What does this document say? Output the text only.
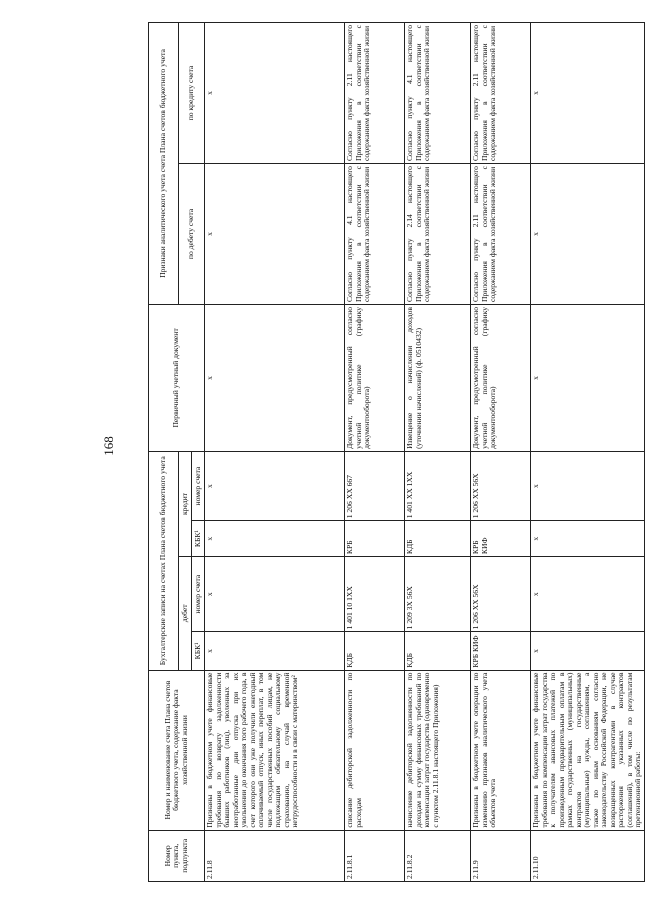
168
Номер пункта, подпункта	Номер и наименование счета Плана счетов бюджетного учета, содержание факта хозяйственной жизни	Бухгалтерские записи на счетах Плана счетов бюджетного учета				Первичный учетный документ	Признаки аналитического учета счета Плана счетов бюджетного учета	
		дебет		кредит			по дебету счета	по кредиту счета
		КБК¹	номер счета	КБК¹	номер счета			
2.11.8	Признаны в бюджетном учете финансовые требования по возврату задолженности бывших работников (лиц), уволенных за неотработанные дни отпуска при их увольнении до окончания того рабочего года, в счет которого они уже получили ежегодный оплачиваемый отпуск, иных переплат, в том числе государственных пособий лицам, не подлежащим обязательному социальному страхованию, на случай временной нетрудоспособности и в связи с материнством²	x	x	x	x	x	x	x
2.11.8.1	списание дебиторской задолженности по расходам	КДБ	1 401 10 1XX	КРБ	1 206 XX 667	Документ, предусмотренный согласно учетной политике (графику документооборота)	Согласно пункту 4.1 настоящего Приложения в соответствии с содержанием факта хозяйственной жизни	Согласно пункту 2.11 настоящего Приложения в соответствии с содержанием факта хозяйственной жизни
2.11.8.2	начисление дебиторской задолженности по доходам на сумму финансовых требований по компенсации затрат государства (одновременно с пунктом 2.11.8.1 настоящего Приложения)	КДБ	1 209 3X 56X	КДБ	1 401 XX 1XX	Извещение о начислении доходов (уточнении начислений) (ф. 0510432)	Согласно пункту 2.14 настоящего Приложения в соответствии с содержанием факта хозяйственной жизни	Согласно пункту 4.1 настоящего Приложения в соответствии с содержанием факта хозяйственной жизни
2.11.9	Признаны в бюджетном учете операции по изменению признаков аналитического учета объектов учета	КРБ КИФ	1 206 XX 56X	КРБ КИФ	1 206 XX 56X	Документ, предусмотренный согласно учетной политике (графику документооборота)	Согласно пункту 2.11 настоящего Приложения в соответствии с содержанием факта хозяйственной жизни	Согласно пункту 2.11 настоящего Приложения в соответствии с содержанием факта хозяйственной жизни
2.11.10	Признаны в бюджетном учете финансовые требования по компенсации затрат государства к получателям авансовых платежей по произведенным предварительным оплатам в рамках государственных (муниципальных) контрактов на государственные (муниципальные) нужды, соглашениям, а также по иным основаниям согласно законодательству Российской Федерации, не возвращенных контрагентами в случае расторжения указанных контрактов (соглашений), в том числе по результатам претензионной работы:	x	x	x	x	x	x	x
